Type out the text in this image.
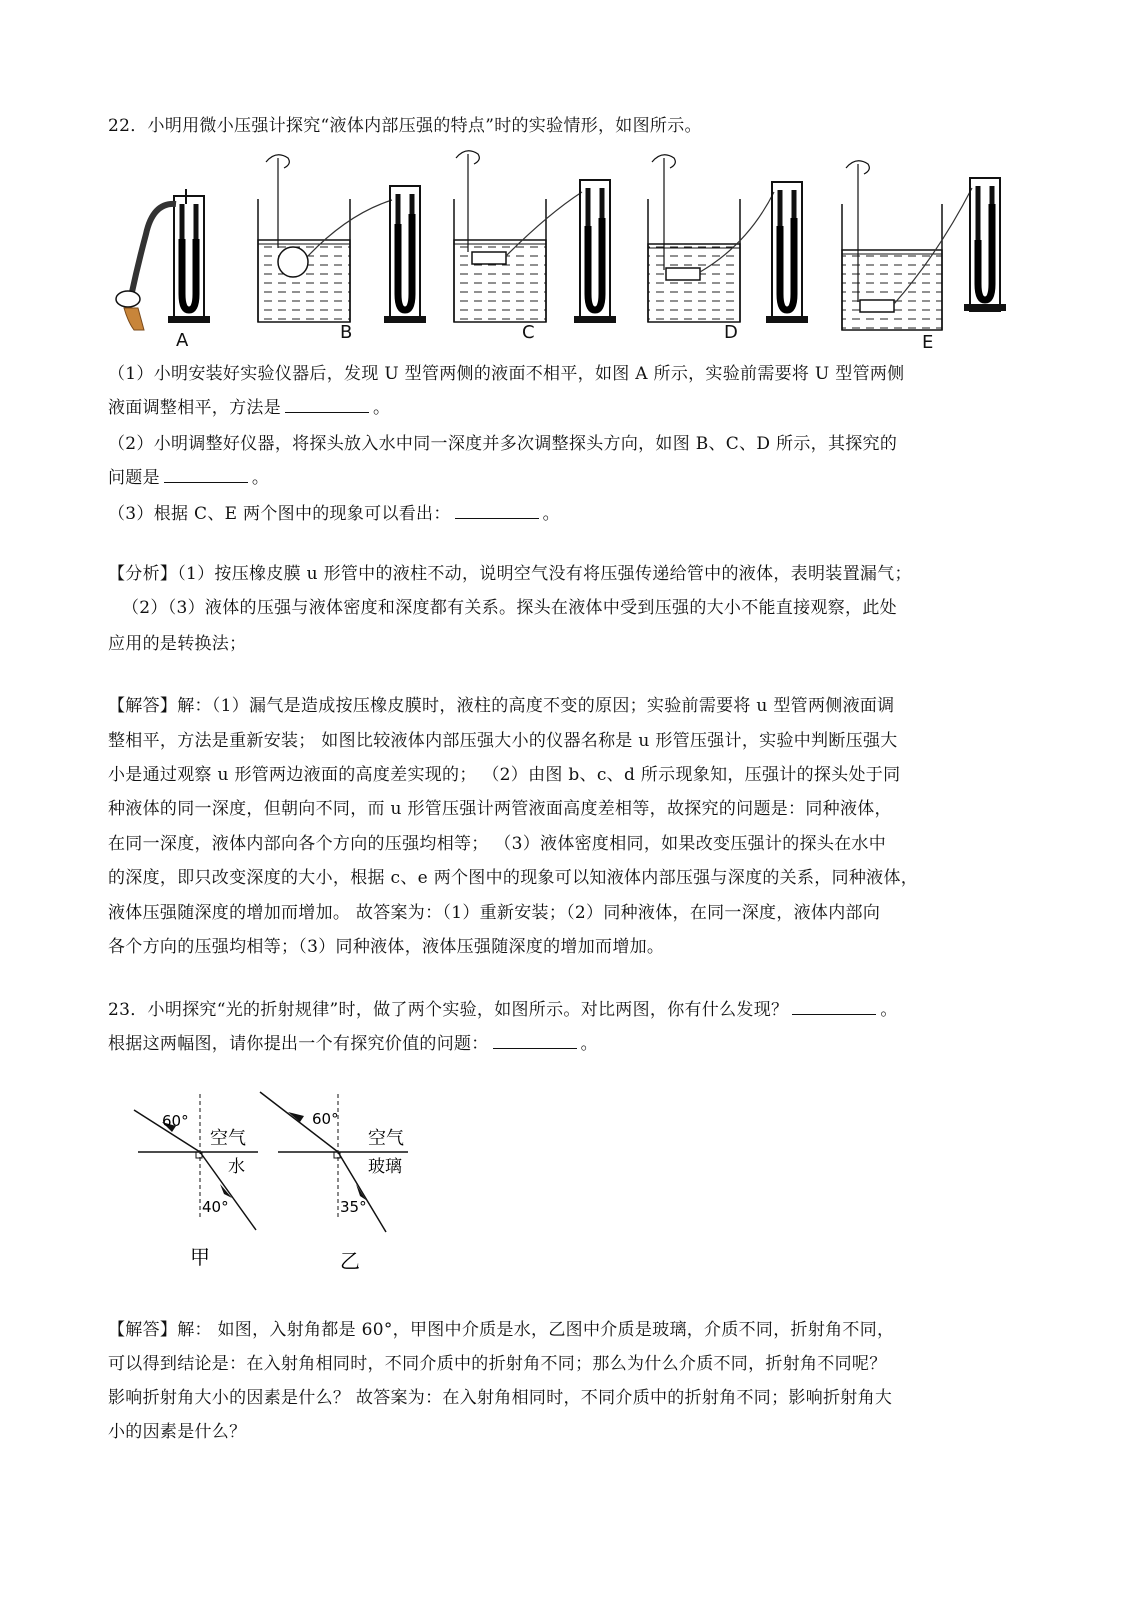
22．小明用微小压强计探究“液体内部压强的特点”时的实验情形，如图所示。
A	B	C	D	E
（1）小明安装好实验仪器后，发现 U 型管两侧的液面不相平，如图 A 所示，实验前需要将 U 型管两侧
液面调整相平，方法是	。
（2）小明调整好仪器，将探头放入水中同一深度并多次调整探头方向，如图 B、C、D 所示，其探究的
问题是	。
（3）根据 C、E 两个图中的现象可以看出：	。
【分析】（1）按压橡皮膜 u 形管中的液柱不动，说明空气没有将压强传递给管中的液体，表明装置漏气；
（2）（3）液体的压强与液体密度和深度都有关系。探头在液体中受到压强的大小不能直接观察，此处
应用的是转换法；
【解答】解：（1）漏气是造成按压橡皮膜时，液柱的高度不变的原因；实验前需要将 u 型管两侧液面调
整相平，方法是重新安装； 如图比较液体内部压强大小的仪器名称是 u 形管压强计，实验中判断压强大
小是通过观察 u 形管两边液面的高度差实现的； （2）由图 b、c、d 所示现象知，压强计的探头处于同
种液体的同一深度，但朝向不同，而 u 形管压强计两管液面高度差相等，故探究的问题是：同种液体，
在同一深度，液体内部向各个方向的压强均相等； （3）液体密度相同，如果改变压强计的探头在水中
的深度，即只改变深度的大小，根据 c、e 两个图中的现象可以知液体内部压强与深度的关系，同种液体，
液体压强随深度的增加而增加。 故答案为：（1）重新安装；（2）同种液体，在同一深度，液体内部向
各个方向的压强均相等；（3）同种液体，液体压强随深度的增加而增加。
23．小明探究“光的折射规律”时，做了两个实验，如图所示。对比两图，你有什么发现？	。
根据这两幅图，请你提出一个有探究价值的问题：	。
60°
空气
水
40°
甲
60°
空气
玻璃
35°
乙
【解答】解： 如图，入射角都是 60°，甲图中介质是水，乙图中介质是玻璃，介质不同，折射角不同，
可以得到结论是：在入射角相同时，不同介质中的折射角不同；那么为什么介质不同，折射角不同呢？
影响折射角大小的因素是什么？ 故答案为：在入射角相同时，不同介质中的折射角不同；影响折射角大
小的因素是什么？
